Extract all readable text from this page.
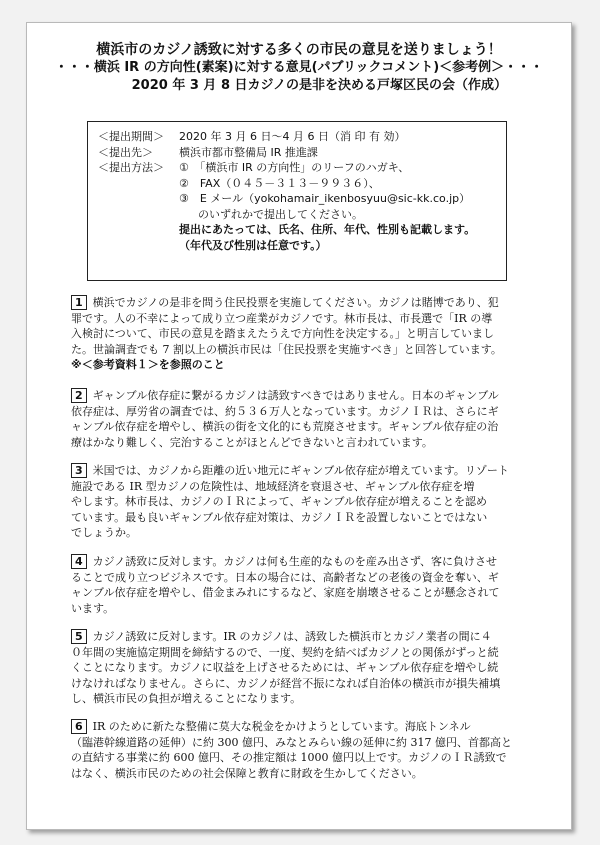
横浜市のカジノ誘致に対する多くの市民の意見を送りましょう！
・・・横浜 IR の方向性(素案)に対する意見(パブリックコメント)＜参考例＞・・・
2020 年 3 月 8 日カジノの是非を決める戸塚区民の会（作成）
＜提出期間＞	2020 年 3 月 6 日～4 月 6 日（消 印 有 効）
＜提出先＞	横浜市都市整備局 IR 推進課
＜提出方法＞	①　「横浜市 IR の方向性」のリーフのハガキ、
②　FAX（０４５－３１３－９９３６）、
③　E メール（yokohamair_ikenbosyuu@sic-kk.co.jp）
のいずれかで提出してください。
提出にあたっては、氏名、住所、年代、性別も記載します。
（年代及び性別は任意です。）
1 横浜でカジノの是非を問う住民投票を実施してください。カジノは賭博であり、犯
罪です。人の不幸によって成り立つ産業がカジノです。林市長は、市長選で「IR の導
入検討について、市民の意見を踏まえたうえで方向性を決定する。」と明言していまし
た。世論調査でも 7 割以上の横浜市民は「住民投票を実施すべき」と回答しています。
※＜参考資料１＞を参照のこと
2 ギャンブル依存症に繋がるカジノは誘致すべきではありません。日本のギャンブル
依存症は、厚労省の調査では、約５３６万人となっています。カジノＩＲは、さらにギ
ャンブル依存症を増やし、横浜の街を文化的にも荒廃させます。ギャンブル依存症の治
療はかなり難しく、完治することがほとんどできないと言われています。
3 米国では、カジノから距離の近い地元にギャンブル依存症が増えています。リゾート
施設である IR 型カジノの危険性は、地域経済を衰退させ、ギャンブル依存症を増
やします。林市長は、カジノのＩＲによって、ギャンブル依存症が増えることを認め
ています。最も良いギャンブル依存症対策は、カジノＩＲを設置しないことではない
でしょうか。
4 カジノ誘致に反対します。カジノは何も生産的なものを産み出さず、客に負けさせ
ることで成り立つビジネスです。日本の場合には、高齢者などの老後の資金を奪い、ギ
ャンブル依存症を増やし、借金まみれにするなど、家庭を崩壊させることが懸念されて
います。
5 カジノ誘致に反対します。IR のカジノは、誘致した横浜市とカジノ業者の間に４
０年間の実施協定期間を締結するので、一度、契約を結べばカジノとの関係がずっと続
くことになります。カジノに収益を上げさせるためには、ギャンブル依存症を増やし続
けなければなりません。さらに、カジノが経営不振になれば自治体の横浜市が損失補填
し、横浜市民の負担が増えることになります。
6 IR のために新たな整備に莫大な税金をかけようとしています。海底トンネル
（臨港幹線道路の延伸）に約 300 億円、みなとみらい線の延伸に約 317 億円、首都高と
の直結する事業に約 600 億円、その推定額は 1000 億円以上です。カジノのＩＲ誘致で
はなく、横浜市民のための社会保障と教育に財政を生かしてください。
